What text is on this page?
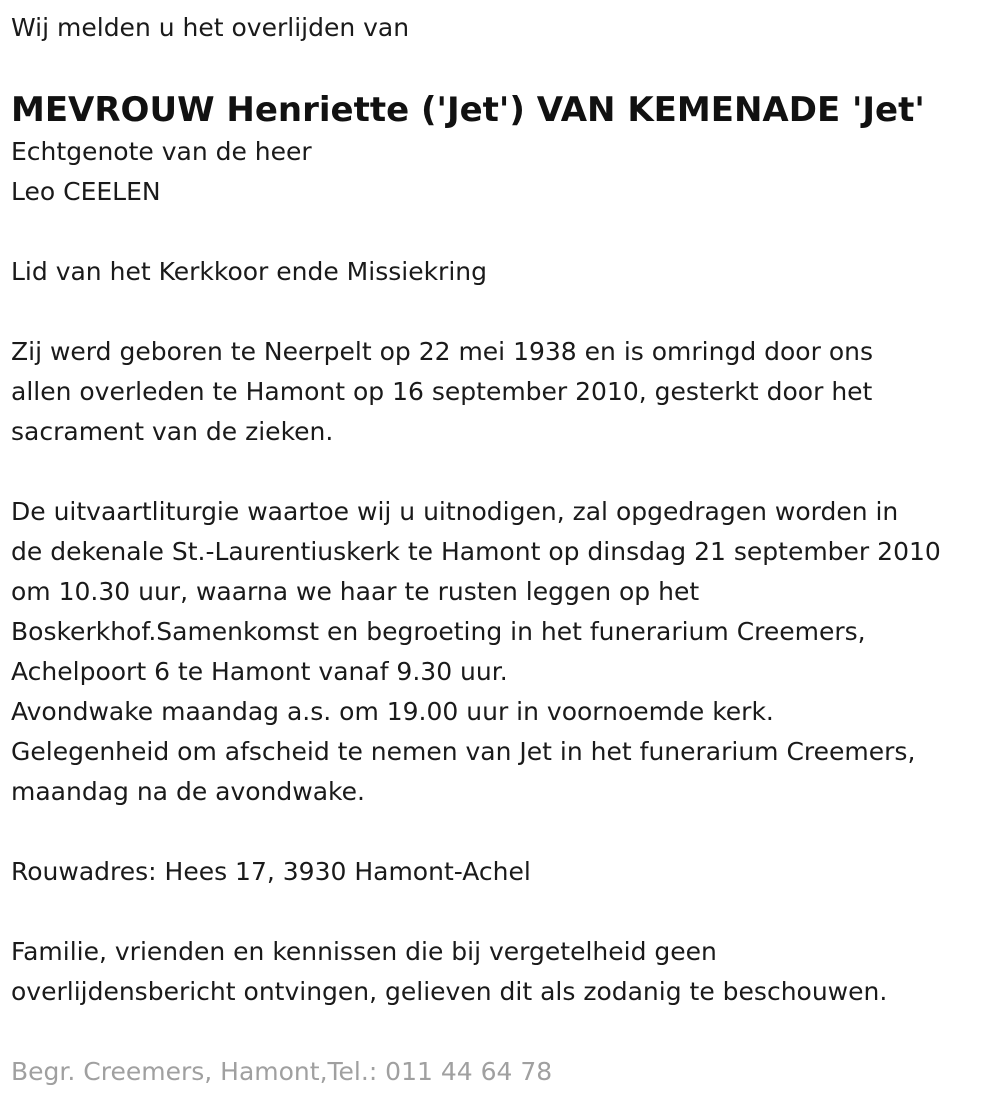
Wij melden u het overlijden van

MEVROUW Henriette ('Jet') VAN KEMENADE 'Jet'

Echtgenote van de heer

Leo CEELEN

Lid van het Kerkkoor ende Missiekring

Zij werd geboren te Neerpelt op 22 mei 1938 en is omringd door ons

allen overleden te Hamont op 16 september 2010, gesterkt door het

sacrament van de zieken.

De uitvaartliturgie waartoe wij u uitnodigen, zal opgedragen worden in

de dekenale St.-Laurentiuskerk te Hamont op dinsdag 21 september 2010

om 10.30 uur, waarna we haar te rusten leggen op het

Boskerkhof.Samenkomst en begroeting in het funerarium Creemers,

Achelpoort 6 te Hamont vanaf 9.30 uur.

Avondwake maandag a.s. om 19.00 uur in voornoemde kerk.

Gelegenheid om afscheid te nemen van Jet in het funerarium Creemers,

maandag na de avondwake.

Rouwadres: Hees 17, 3930 Hamont-Achel

Familie, vrienden en kennissen die bij vergetelheid geen

overlijdensbericht ontvingen, gelieven dit als zodanig te beschouwen.

Begr. Creemers, Hamont,Tel.: 011 44 64 78
